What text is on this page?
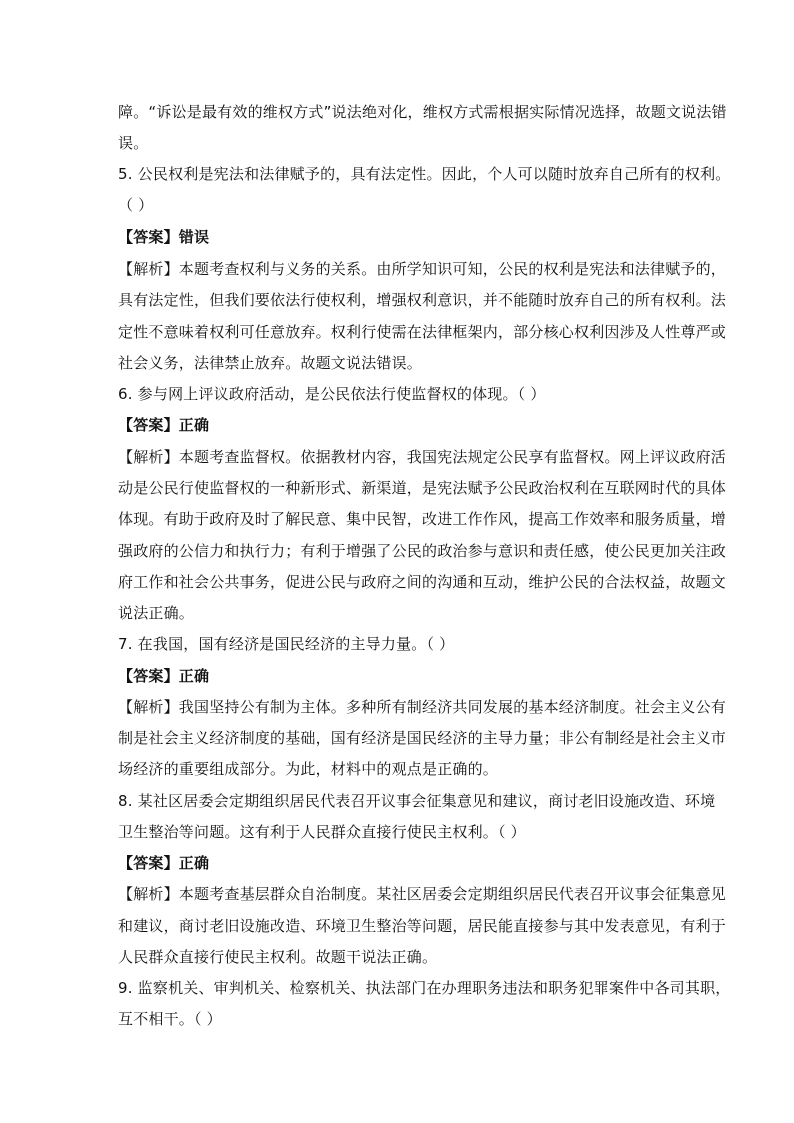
障。“诉讼是最有效的维权方式”说法绝对化，维权方式需根据实际情况选择，故题文说法错
误。
5. 公民权利是宪法和法律赋予的，具有法定性。因此，个人可以随时放弃自己所有的权利。
（ ）
【答案】错误
【解析】本题考查权利与义务的关系。由所学知识可知，公民的权利是宪法和法律赋予的，
具有法定性，但我们要依法行使权利，增强权利意识，并不能随时放弃自己的所有权利。法
定性不意味着权利可任意放弃。权利行使需在法律框架内，部分核心权利因涉及人性尊严或
社会义务，法律禁止放弃。故题文说法错误。
6. 参与网上评议政府活动，是公民依法行使监督权的体现。（ ）
【答案】正确
【解析】本题考查监督权。依据教材内容，我国宪法规定公民享有监督权。网上评议政府活
动是公民行使监督权的一种新形式、新渠道，是宪法赋予公民政治权利在互联网时代的具体
体现。有助于政府及时了解民意、集中民智，改进工作作风，提高工作效率和服务质量，增
强政府的公信力和执行力；有利于增强了公民的政治参与意识和责任感，使公民更加关注政
府工作和社会公共事务，促进公民与政府之间的沟通和互动，维护公民的合法权益，故题文
说法正确。
7. 在我国，国有经济是国民经济的主导力量。（ ）
【答案】正确
【解析】我国坚持公有制为主体。多种所有制经济共同发展的基本经济制度。社会主义公有
制是社会主义经济制度的基础，国有经济是国民经济的主导力量；非公有制经是社会主义市
场经济的重要组成部分。为此，材料中的观点是正确的。
8. 某社区居委会定期组织居民代表召开议事会征集意见和建议，商讨老旧设施改造、环境
卫生整治等问题。这有利于人民群众直接行使民主权利。（ ）
【答案】正确
【解析】本题考查基层群众自治制度。某社区居委会定期组织居民代表召开议事会征集意见
和建议，商讨老旧设施改造、环境卫生整治等问题，居民能直接参与其中发表意见，有利于
人民群众直接行使民主权利。故题干说法正确。
9. 监察机关、审判机关、检察机关、执法部门在办理职务违法和职务犯罪案件中各司其职，
互不相干。（ ）
